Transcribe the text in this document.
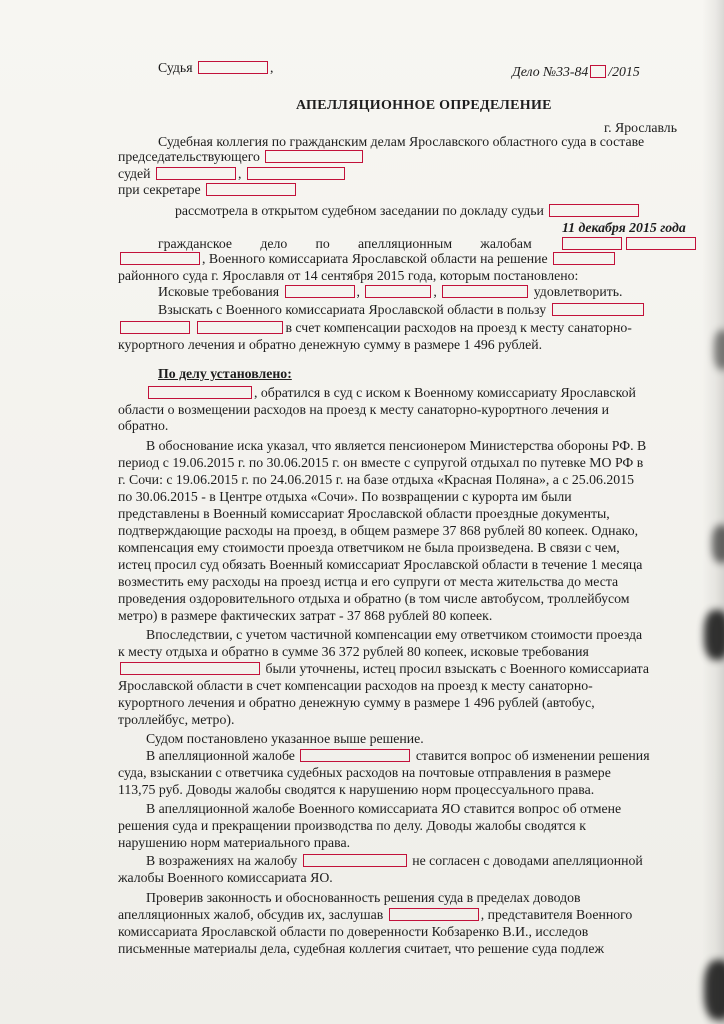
Судья	,	Дело №33-84 /2015
АПЕЛЛЯЦИОННОЕ ОПРЕДЕЛЕНИЕ
г. Ярославль
Судебная коллегия по гражданским делам Ярославского областного суда в составе
председательствующего
судей	,
при секретаре
рассмотрела в открытом судебном заседании по докладу судьи
11 декабря 2015 года
гражданское дело по апелляционным жалобам
, Военного комиссариата Ярославской области на решение
районного суда г. Ярославля от 14 сентября 2015 года, которым постановлено:
Исковые требования	,	,	удовлетворить.
Взыскать с Военного комиссариата Ярославской области в пользу
в счет компенсации расходов на проезд к месту санаторно-
курортного лечения и обратно денежную сумму в размере 1 496 рублей.
По делу установлено:
, обратился в суд с иском к Военному комиссариату Ярославской
области о возмещении расходов на проезд к месту санаторно-курортного лечения и
обратно.
В обоснование иска указал, что является пенсионером Министерства обороны РФ. В
период с 19.06.2015 г. по 30.06.2015 г. он вместе с супругой отдыхал по путевке МО РФ в
г. Сочи: с 19.06.2015 г. по 24.06.2015 г. на базе отдыха «Красная Поляна», а с 25.06.2015
по 30.06.2015 - в Центре отдыха «Сочи». По возвращении с курорта им были
представлены в Военный комиссариат Ярославской области проездные документы,
подтверждающие расходы на проезд, в общем размере 37 868 рублей 80 копеек. Однако,
компенсация ему стоимости проезда ответчиком не была произведена. В связи с чем,
истец просил суд обязать Военный комиссариат Ярославской области в течение 1 месяца
возместить ему расходы на проезд истца и его супруги от места жительства до места
проведения оздоровительного отдыха и обратно (в том числе автобусом, троллейбусом
метро) в размере фактических затрат - 37 868 рублей 80 копеек.
Впоследствии, с учетом частичной компенсации ему ответчиком стоимости проезда
к месту отдыха и обратно в сумме 36 372 рублей 80 копеек, исковые требования
были уточнены, истец просил взыскать с Военного комиссариата
Ярославской области в счет компенсации расходов на проезд к месту санаторно-
курортного лечения и обратно денежную сумму в размере 1 496 рублей (автобус,
троллейбус, метро).
Судом постановлено указанное выше решение.
В апелляционной жалобе	ставится вопрос об изменении решения
суда, взыскании с ответчика судебных расходов на почтовые отправления в размере
113,75 руб. Доводы жалобы сводятся к нарушению норм процессуального права.
В апелляционной жалобе Военного комиссариата ЯО ставится вопрос об отмене
решения суда и прекращении производства по делу. Доводы жалобы сводятся к
нарушению норм материального права.
В возражениях на жалобу	не согласен с доводами апелляционной
жалобы Военного комиссариата ЯО.
Проверив законность и обоснованность решения суда в пределах доводов
апелляционных жалоб, обсудив их, заслушав	, представителя Военного
комиссариата Ярославской области по доверенности Кобзаренко В.И., исследов
письменные материалы дела, судебная коллегия считает, что решение суда подлеж
